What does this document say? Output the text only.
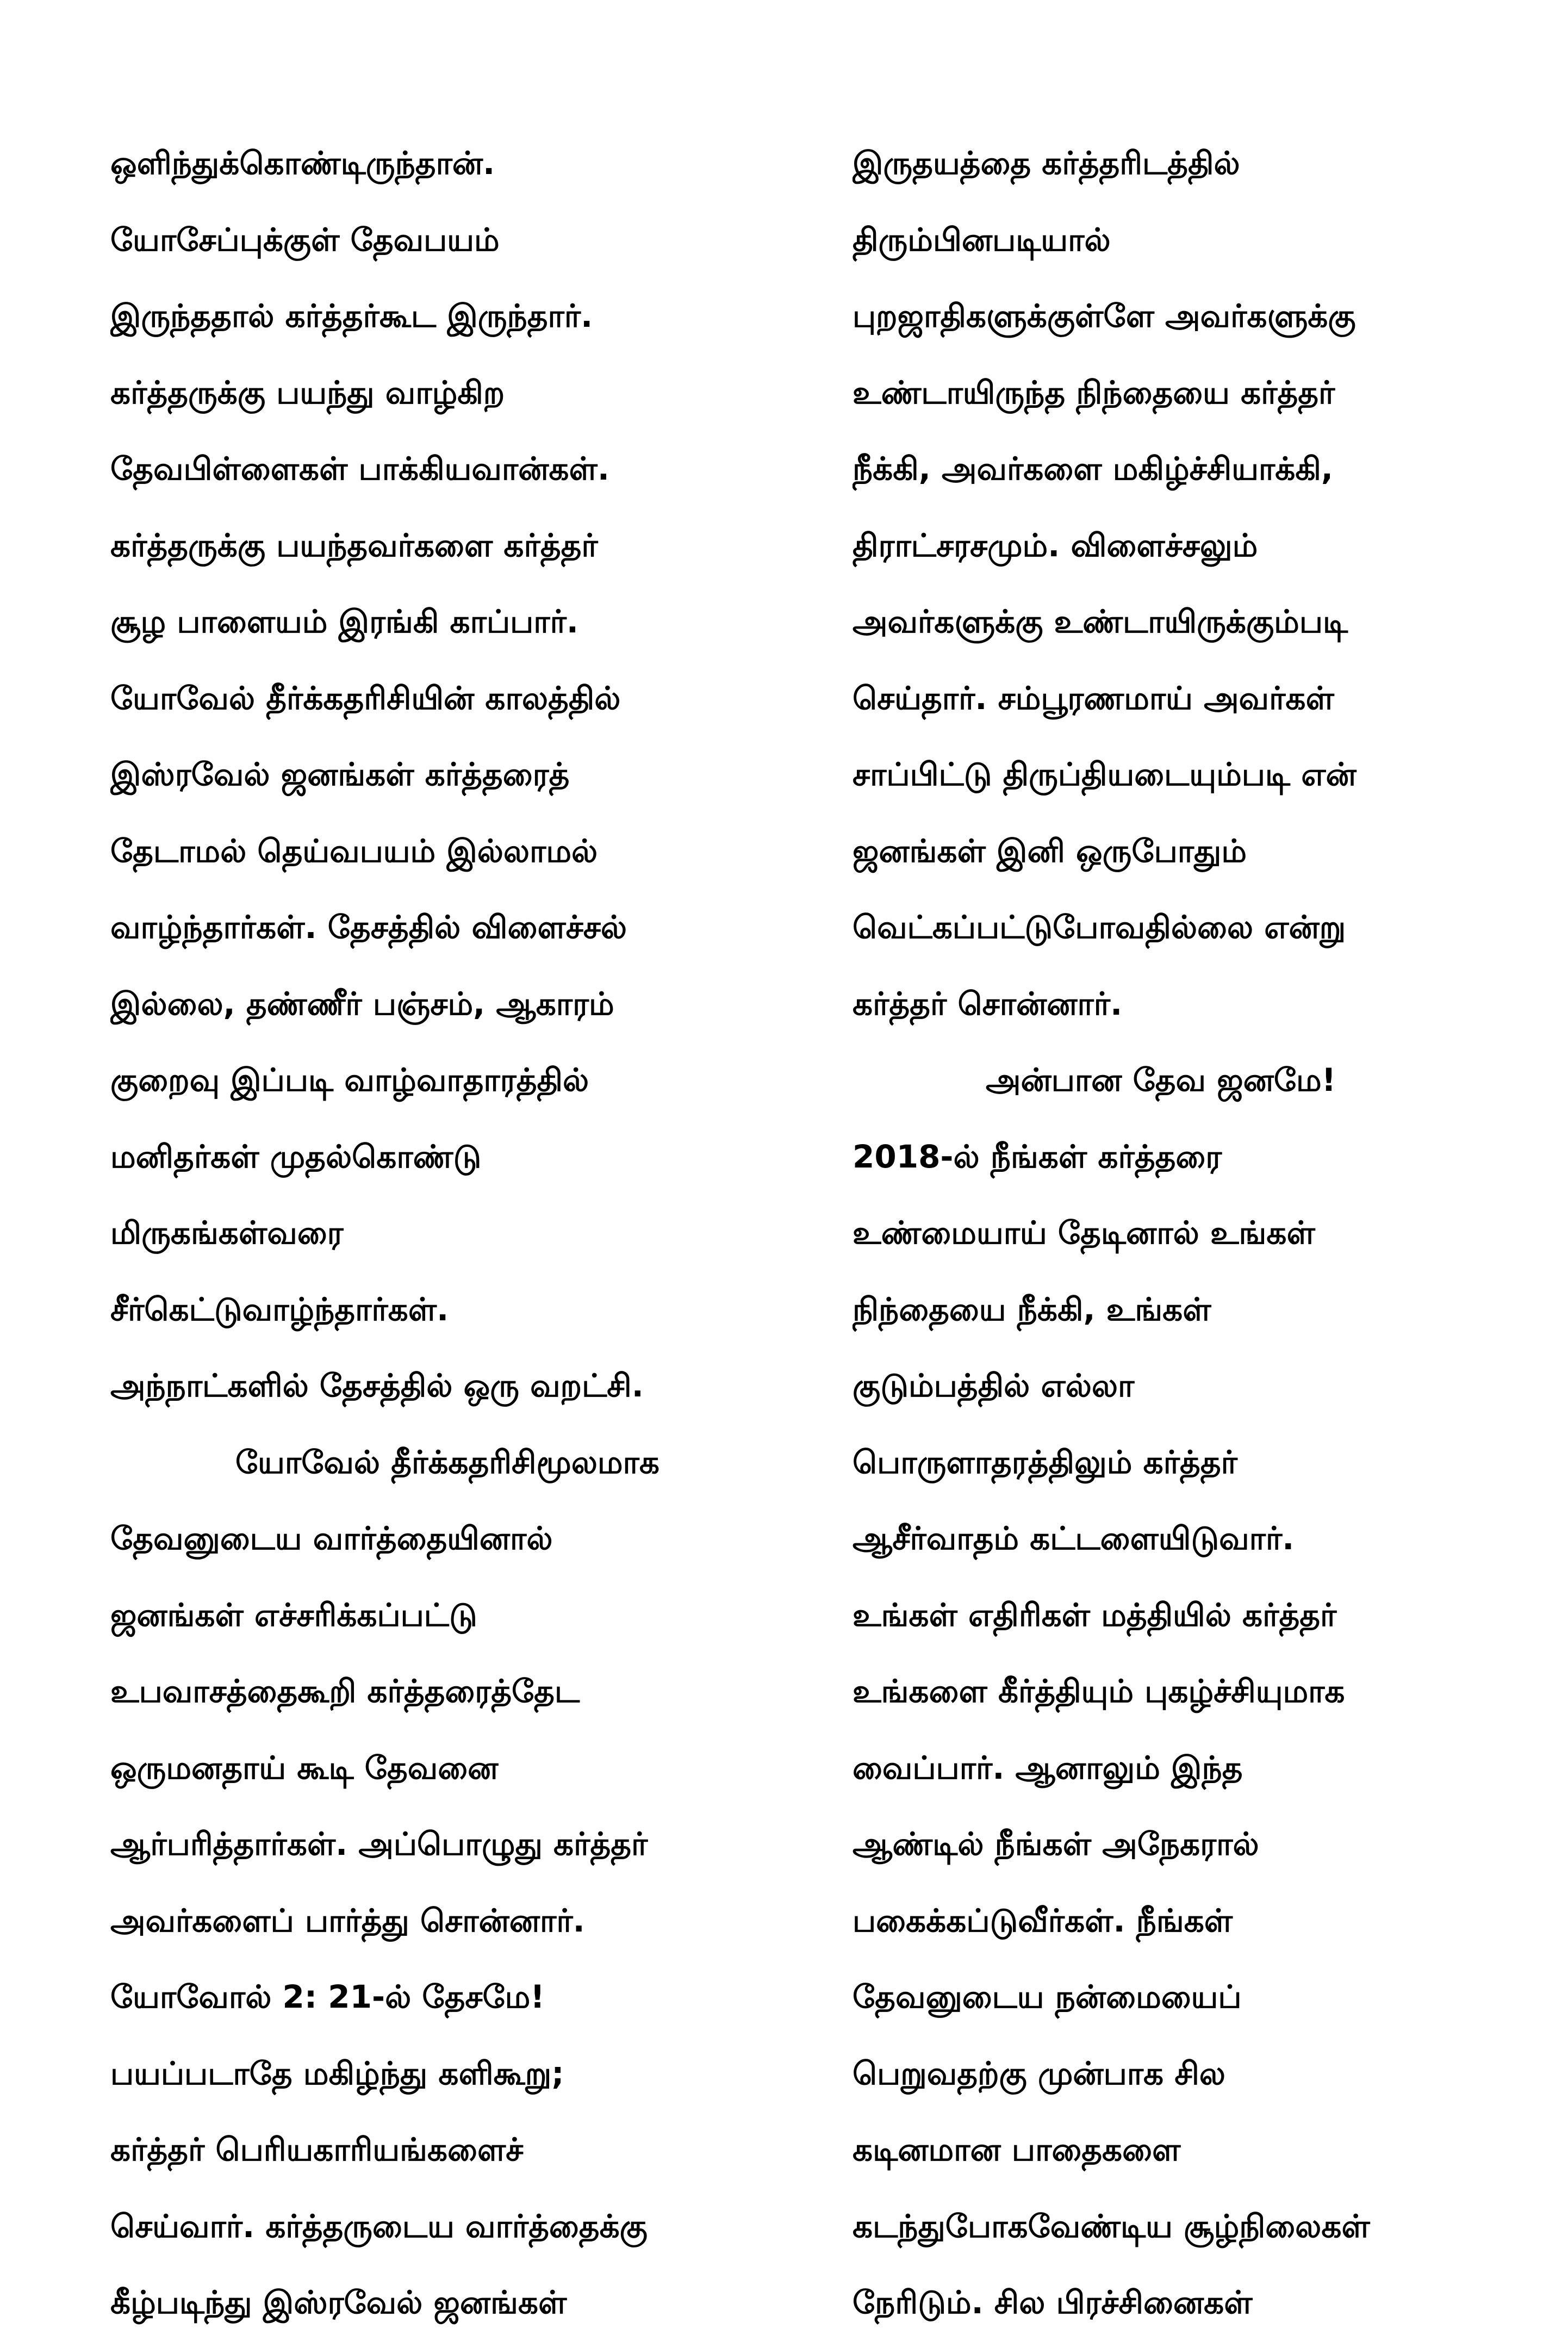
ஒளிந்துக்கொண்டிருந்தான்.
யோசேப்புக்குள் தேவபயம்
இருந்ததால் கர்த்தர்கூட இருந்தார்.
கர்த்தருக்கு பயந்து வாழ்கிற
தேவபிள்ளைகள் பாக்கியவான்கள்.
கர்த்தருக்கு பயந்தவர்களை கர்த்தர்
சூழ பாளையம் இரங்கி காப்பார்.
யோவேல் தீர்க்கதரிசியின் காலத்தில்
இஸ்ரவேல் ஜனங்கள் கர்த்தரைத்
தேடாமல் தெய்வபயம் இல்லாமல்
வாழ்ந்தார்கள். தேசத்தில் விளைச்சல்
இல்லை, தண்ணீர் பஞ்சம், ஆகாரம்
குறைவு இப்படி வாழ்வாதாரத்தில்
மனிதர்கள் முதல்கொண்டு
மிருகங்கள்வரை
சீர்கெட்டுவாழ்ந்தார்கள்.
அந்நாட்களில் தேசத்தில் ஒரு வறட்சி.
யோவேல் தீர்க்கதரிசிமூலமாக
தேவனுடைய வார்த்தையினால்
ஜனங்கள் எச்சரிக்கப்பட்டு
உபவாசத்தைகூறி கர்த்தரைத்தேட
ஒருமனதாய் கூடி தேவனை
ஆர்பரித்தார்கள். அப்பொழுது கர்த்தர்
அவர்களைப் பார்த்து சொன்னார்.
யோவோல் 2: 21-ல் தேசமே!
பயப்படாதே மகிழ்ந்து களிகூறு;
கர்த்தர் பெரியகாரியங்களைச்
செய்வார். கர்த்தருடைய வார்த்தைக்கு
கீழ்படிந்து இஸ்ரவேல் ஜனங்கள்
இருதயத்தை கர்த்தரிடத்தில்
திரும்பினபடியால்
புறஜாதிகளுக்குள்ளே அவர்களுக்கு
உண்டாயிருந்த நிந்தையை கர்த்தர்
நீக்கி, அவர்களை மகிழ்ச்சியாக்கி,
திராட்சரசமும். விளைச்சலும்
அவர்களுக்கு உண்டாயிருக்கும்படி
செய்தார். சம்பூரணமாய் அவர்கள்
சாப்பிட்டு திருப்தியடையும்படி என்
ஜனங்கள் இனி ஒருபோதும்
வெட்கப்பட்டுபோவதில்லை என்று
கர்த்தர் சொன்னார்.
அன்பான தேவ ஜனமே!
2018-ல் நீங்கள் கர்த்தரை
உண்மையாய் தேடினால் உங்கள்
நிந்தையை நீக்கி, உங்கள்
குடும்பத்தில் எல்லா
பொருளாதரத்திலும் கர்த்தர்
ஆசீர்வாதம் கட்டளையிடுவார்.
உங்கள் எதிரிகள் மத்தியில் கர்த்தர்
உங்களை கீர்த்தியும் புகழ்ச்சியுமாக
வைப்பார். ஆனாலும் இந்த
ஆண்டில் நீங்கள் அநேகரால்
பகைக்கப்டுவீர்கள். நீங்கள்
தேவனுடைய நன்மையைப்
பெறுவதற்கு முன்பாக சில
கடினமான பாதைகளை
கடந்துபோகவேண்டிய சூழ்நிலைகள்
நேரிடும். சில பிரச்சினைகள்
